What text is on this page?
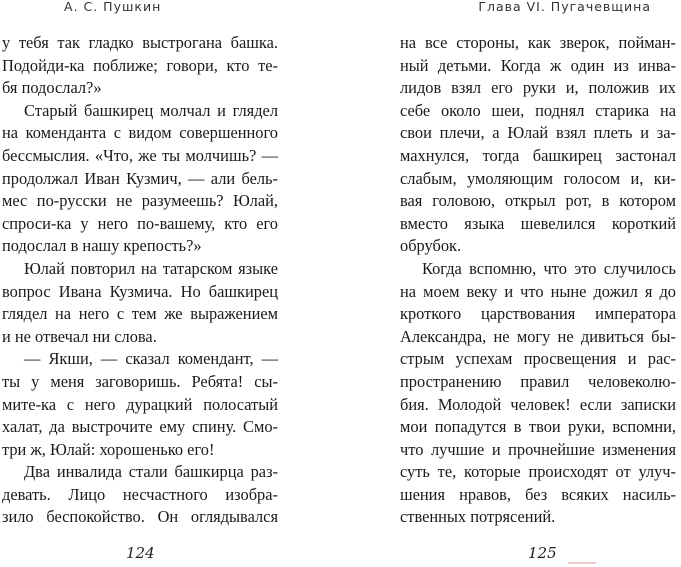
А. С. Пушкин	Глава VI. Пугачевщина
у тебя так гладко выстрогана башка.
Подойди-ка поближе; говори, кто те-
бя подослал?»
Старый башкирец молчал и глядел
на коменданта с видом совершенного
бессмыслия. «Что, же ты молчишь? —
продолжал Иван Кузмич, — али бель-
мес по-русски не разумеешь? Юлай,
спроси-ка у него по-вашему, кто его
подослал в нашу крепость?»
Юлай повторил на татарском языке
вопрос Ивана Кузмича. Но башкирец
глядел на него с тем же выражением
и не отвечал ни слова.
— Якши, — сказал комендант, —
ты у меня заговоришь. Ребята! сы-
мите-ка с него дурацкий полосатый
халат, да выстрочите ему спину. Смо-
три ж, Юлай: хорошенько его!
Два инвалида стали башкирца раз-
девать. Лицо несчастного изобра-
зило беспокойство. Он оглядывался
на все стороны, как зверок, пойман-
ный детьми. Когда ж один из инва-
лидов взял его руки и, положив их
себе около шеи, поднял старика на
свои плечи, а Юлай взял плеть и за-
махнулся, тогда башкирец застонал
слабым, умоляющим голосом и, ки-
вая головою, открыл рот, в котором
вместо языка шевелился короткий
обрубок.
Когда вспомню, что это случилось
на моем веку и что ныне дожил я до
кроткого царствования императора
Александра, не могу не дивиться бы-
стрым успехам просвещения и рас-
пространению правил человеколю-
бия. Молодой человек! если записки
мои попадутся в твои руки, вспомни,
что лучшие и прочнейшие изменения
суть те, которые происходят от улуч-
шения нравов, без всяких насиль-
ственных потрясений.
124	125
